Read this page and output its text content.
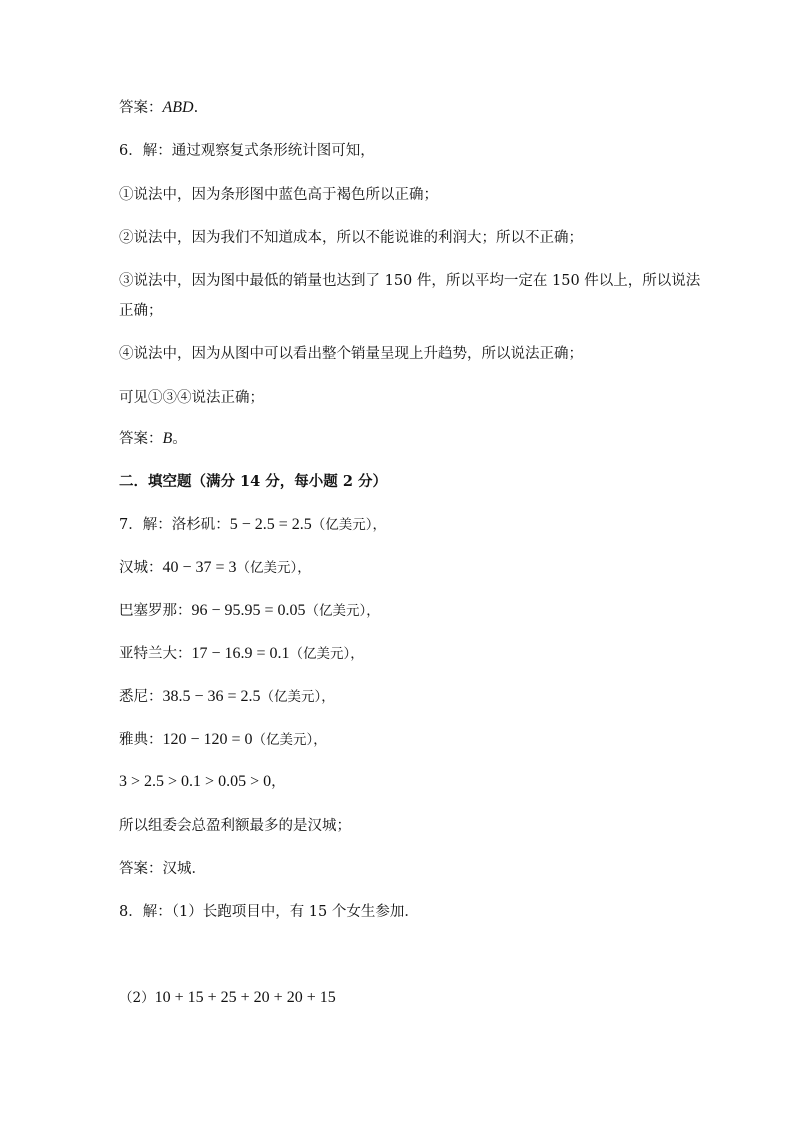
答案：ABD.
6．解：通过观察复式条形统计图可知，
①说法中，因为条形图中蓝色高于褐色所以正确；
②说法中，因为我们不知道成本，所以不能说谁的利润大；所以不正确；
③说法中，因为图中最低的销量也达到了 150 件，所以平均一定在 150 件以上，所以说法
正确；
④说法中，因为从图中可以看出整个销量呈现上升趋势，所以说法正确；
可见①③④说法正确；
答案：B。
二．填空题（满分 14 分，每小题 2 分）
7．解：洛杉矶：5 − 2.5 = 2.5（亿美元），
汉城：40 − 37 = 3（亿美元），
巴塞罗那：96 − 95.95 = 0.05（亿美元），
亚特兰大：17 − 16.9 = 0.1（亿美元），
悉尼：38.5 − 36 = 2.5（亿美元），
雅典：120 − 120 = 0（亿美元），
3 > 2.5 > 0.1 > 0.05 > 0，
所以组委会总盈利额最多的是汉城；
答案：汉城．
8．解：（1）长跑项目中，有 15 个女生参加．
（2）10 + 15 + 25 + 20 + 20 + 15
